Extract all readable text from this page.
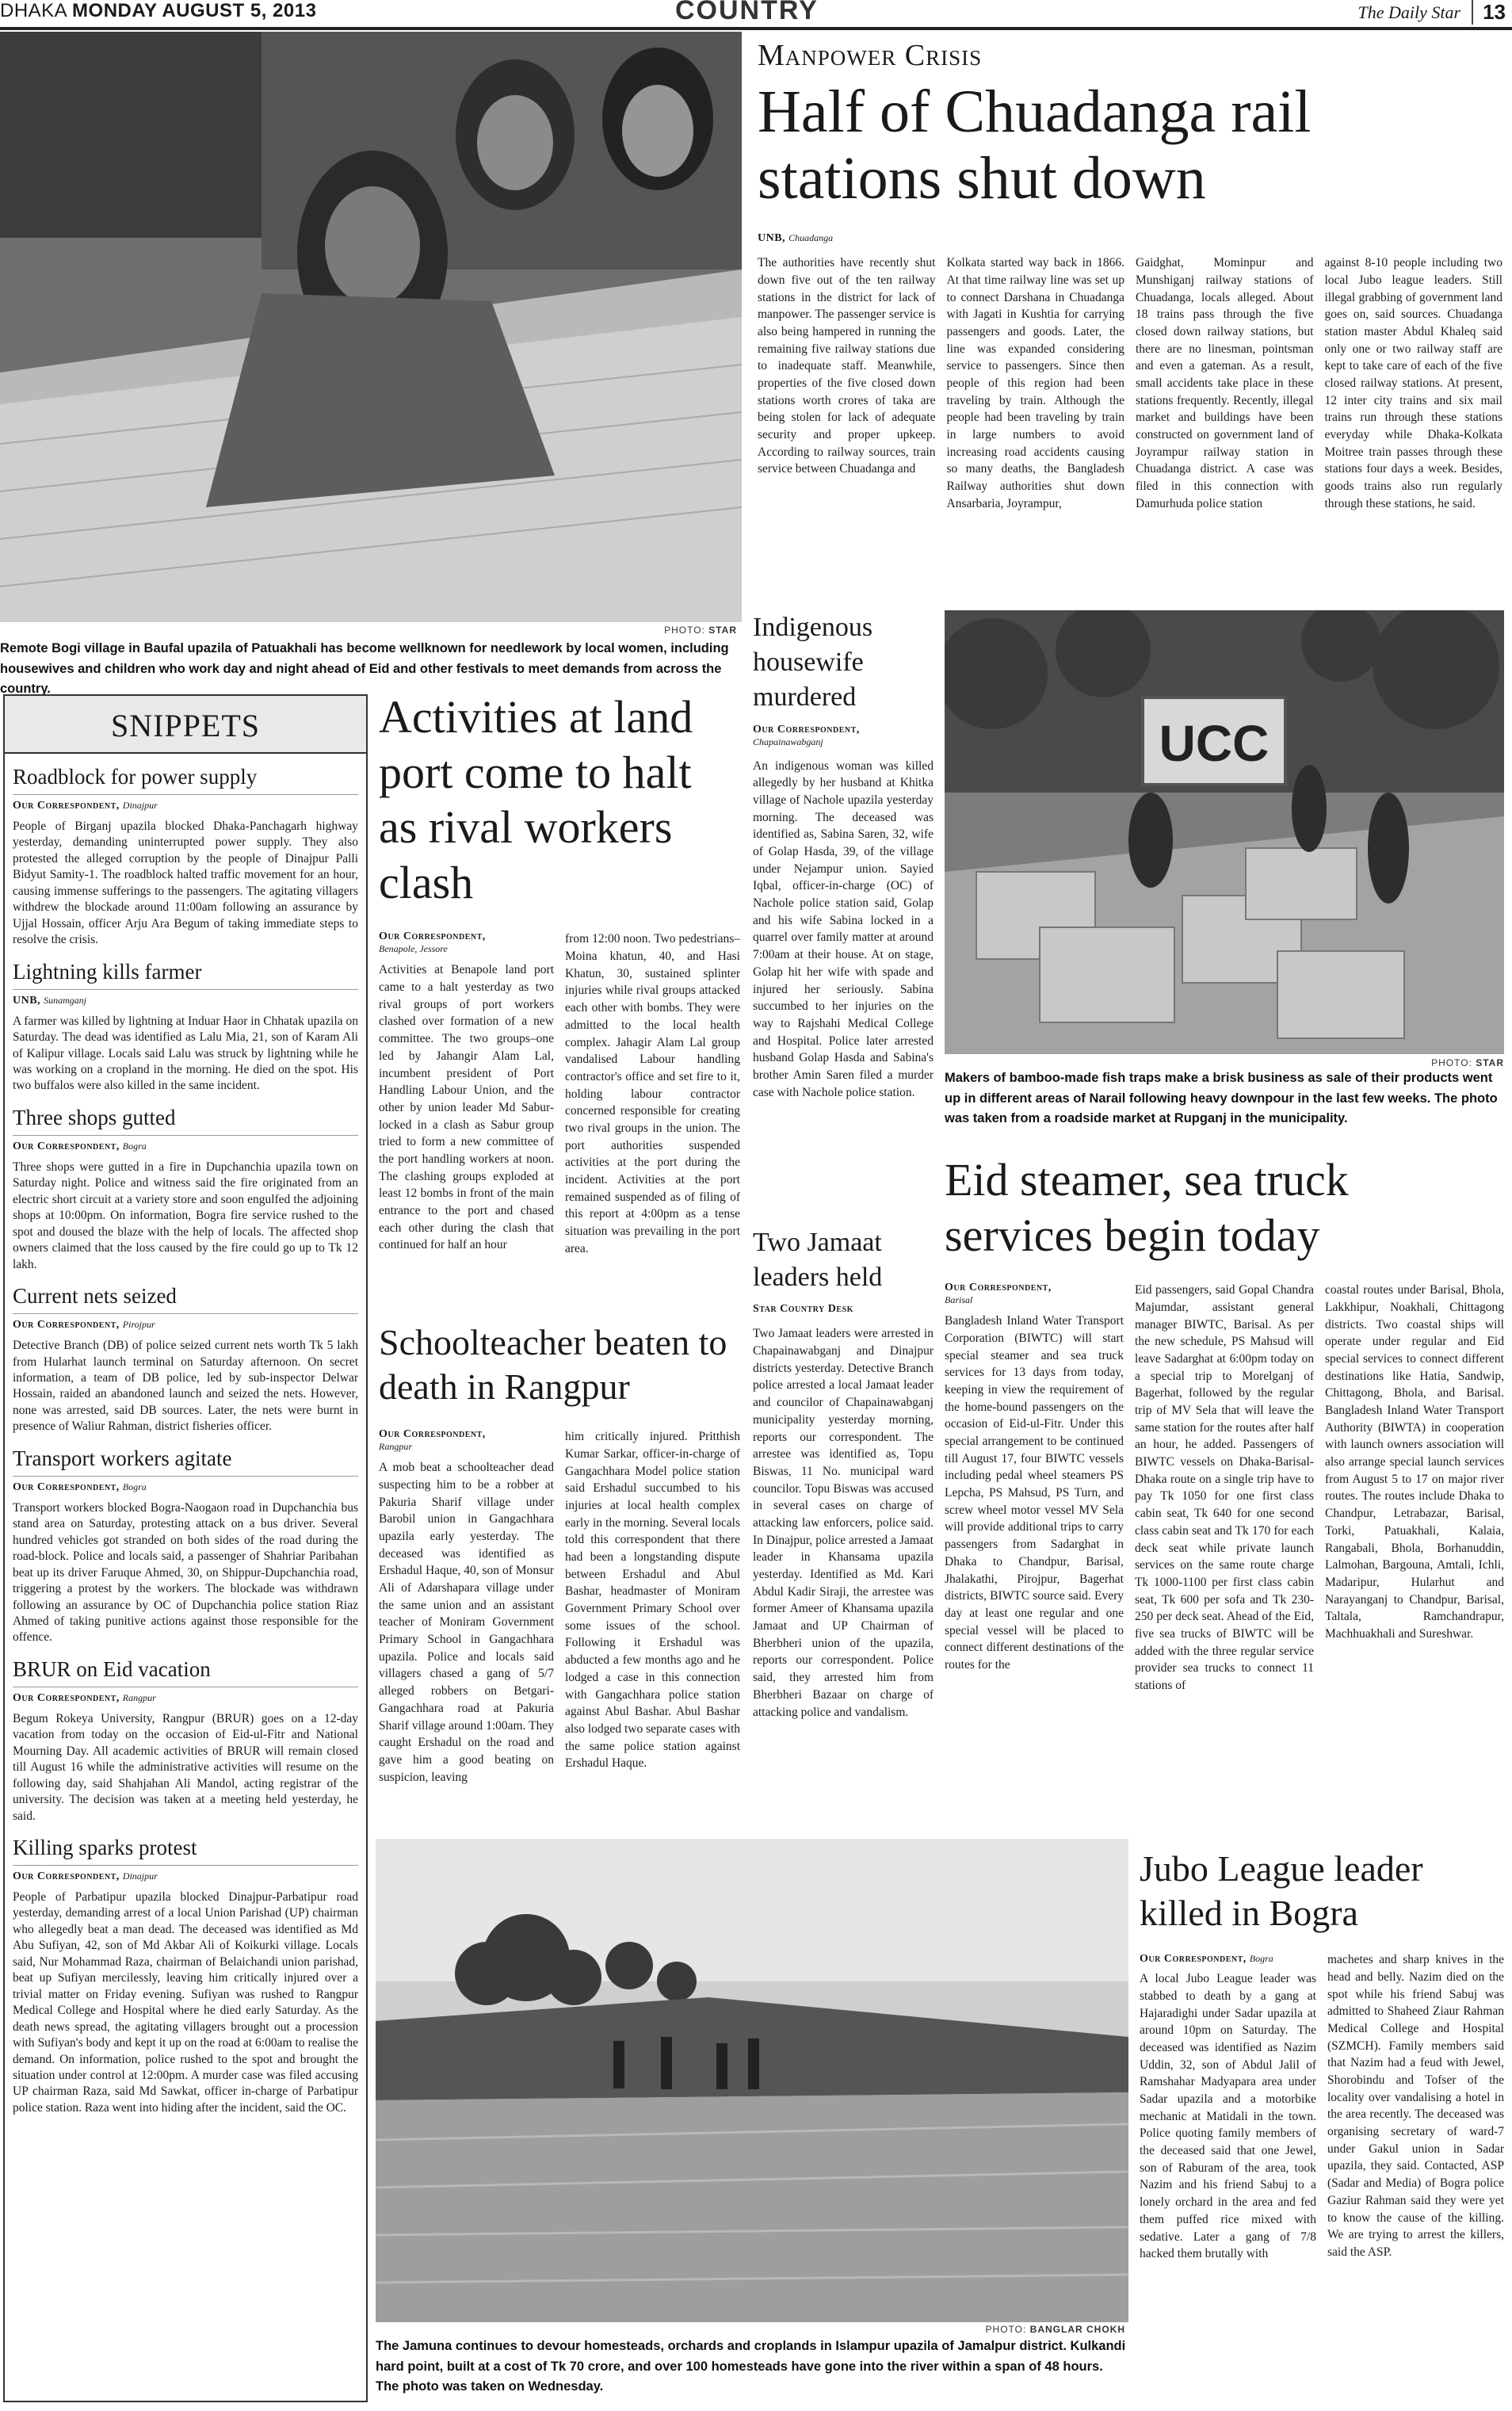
DHAKA MONDAY AUGUST 5, 2013	COUNTRY	The Daily Star	13
PHOTO: STAR
Remote Bogi village in Baufal upazila of Patuakhali has become wellknown for needlework by local women, including housewives and children who work day and night ahead of Eid and other festivals to meet demands from across the country.
Manpower Crisis
Half of Chuadanga rail stations shut down
UNB, Chuadanga
The authorities have recently shut down five out of the ten railway stations in the district for lack of manpower. The passenger service is also being hampered in running the remaining five railway stations due to inadequate staff. Meanwhile, properties of the five closed down stations worth crores of taka are being stolen for lack of adequate security and proper upkeep. According to railway sources, train service between Chuadanga and
Kolkata started way back in 1866. At that time railway line was set up to connect Darshana in Chuadanga with Jagati in Kushtia for carrying passengers and goods. Later, the line was expanded considering service to passengers. Since then people of this region had been traveling by train. Although the people had been traveling by train in large numbers to avoid increasing road accidents causing so many deaths, the Bangladesh Railway authorities shut down Ansarbaria, Joyrampur,
Gaidghat, Mominpur and Munshiganj railway stations of Chuadanga, locals alleged. About 18 trains pass through the five closed down railway stations, but there are no linesman, pointsman and even a gateman. As a result, small accidents take place in these stations frequently. Recently, illegal market and buildings have been constructed on government land of Joyrampur railway station in Chuadanga district. A case was filed in this connection with Damurhuda police station
against 8-10 people including two local Jubo league leaders. Still illegal grabbing of government land goes on, said sources. Chuadanga station master Abdul Khaleq said only one or two railway staff are kept to take care of each of the five closed railway stations. At present, 12 inter city trains and six mail trains run through these stations everyday while Dhaka-Kolkata Moitree train passes through these stations four days a week. Besides, goods trains also run regularly through these stations, he said.
SNIPPETS
Roadblock for power supply
Our Correspondent, Dinajpur
People of Birganj upazila blocked Dhaka-Panchagarh highway yesterday, demanding uninterrupted power supply. They also protested the alleged corruption by the people of Dinajpur Palli Bidyut Samity-1. The roadblock halted traffic movement for an hour, causing immense sufferings to the passengers. The agitating villagers withdrew the blockade around 11:00am following an assurance by Ujjal Hossain, officer Arju Ara Begum of taking immediate steps to resolve the crisis.
Lightning kills farmer
UNB, Sunamganj
A farmer was killed by lightning at Induar Haor in Chhatak upazila on Saturday. The dead was identified as Lalu Mia, 21, son of Karam Ali of Kalipur village. Locals said Lalu was struck by lightning while he was working on a cropland in the morning. He died on the spot. His two buffalos were also killed in the same incident.
Three shops gutted
Our Correspondent, Bogra
Three shops were gutted in a fire in Dupchanchia upazila town on Saturday night. Police and witness said the fire originated from an electric short circuit at a variety store and soon engulfed the adjoining shops at 10:00pm. On information, Bogra fire service rushed to the spot and doused the blaze with the help of locals. The affected shop owners claimed that the loss caused by the fire could go up to Tk 12 lakh.
Current nets seized
Our Correspondent, Pirojpur
Detective Branch (DB) of police seized current nets worth Tk 5 lakh from Hularhat launch terminal on Saturday afternoon. On secret information, a team of DB police, led by sub-inspector Delwar Hossain, raided an abandoned launch and seized the nets. However, none was arrested, said DB sources. Later, the nets were burnt in presence of Waliur Rahman, district fisheries officer.
Transport workers agitate
Our Correspondent, Bogra
Transport workers blocked Bogra-Naogaon road in Dupchanchia bus stand area on Saturday, protesting attack on a bus driver. Several hundred vehicles got stranded on both sides of the road during the road-block. Police and locals said, a passenger of Shahriar Paribahan beat up its driver Faruque Ahmed, 30, on Shippur-Dupchanchia road, triggering a protest by the workers. The blockade was withdrawn following an assurance by OC of Dupchanchia police station Riaz Ahmed of taking punitive actions against those responsible for the offence.
BRUR on Eid vacation
Our Correspondent, Rangpur
Begum Rokeya University, Rangpur (BRUR) goes on a 12-day vacation from today on the occasion of Eid-ul-Fitr and National Mourning Day. All academic activities of BRUR will remain closed till August 16 while the administrative activities will resume on the following day, said Shahjahan Ali Mandol, acting registrar of the university. The decision was taken at a meeting held yesterday, he said.
Killing sparks protest
Our Correspondent, Dinajpur
People of Parbatipur upazila blocked Dinajpur-Parbatipur road yesterday, demanding arrest of a local Union Parishad (UP) chairman who allegedly beat a man dead. The deceased was identified as Md Abu Sufiyan, 42, son of Md Akbar Ali of Koikurki village. Locals said, Nur Mohammad Raza, chairman of Belaichandi union parishad, beat up Sufiyan mercilessly, leaving him critically injured over a trivial matter on Friday evening. Sufiyan was rushed to Rangpur Medical College and Hospital where he died early Saturday. As the death news spread, the agitating villagers brought out a procession with Sufiyan's body and kept it up on the road at 6:00am to realise the demand. On information, police rushed to the spot and brought the situation under control at 12:00pm. A murder case was filed accusing UP chairman Raza, said Md Sawkat, officer in-charge of Parbatipur police station. Raza went into hiding after the incident, said the OC.
Activities at land port come to halt as rival workers clash
Our Correspondent,
Benapole, Jessore
Activities at Benapole land port came to a halt yesterday as two rival groups of port workers clashed over formation of a new committee. The two groups–one led by Jahangir Alam Lal, incumbent president of Port Handling Labour Union, and the other by union leader Md Sabur-locked in a clash as Sabur group tried to form a new committee of the port handling workers at noon. The clashing groups exploded at least 12 bombs in front of the main entrance to the port and chased each other during the clash that continued for half an hour
from 12:00 noon. Two pedestrians–Moina khatun, 40, and Hasi Khatun, 30, sustained splinter injuries while rival groups attacked each other with bombs. They were admitted to the local health complex. Jahagir Alam Lal group vandalised Labour handling contractor's office and set fire to it, holding labour contractor concerned responsible for creating two rival groups in the union. The port authorities suspended activities at the port during the incident. Activities at the port remained suspended as of filing of this report at 4:00pm as a tense situation was prevailing in the port area.
Schoolteacher beaten to death in Rangpur
Our Correspondent,
Rangpur
A mob beat a schoolteacher dead suspecting him to be a robber at Pakuria Sharif village under Barobil union in Gangachhara upazila early yesterday. The deceased was identified as Ershadul Haque, 40, son of Monsur Ali of Adarshapara village under the same union and an assistant teacher of Moniram Government Primary School in Gangachhara upazila. Police and locals said villagers chased a gang of 5/7 alleged robbers on Betgari-Gangachhara road at Pakuria Sharif village around 1:00am. They caught Ershadul on the road and gave him a good beating on suspicion, leaving
him critically injured. Pritthish Kumar Sarkar, officer-in-charge of Gangachhara Model police station said Ershadul succumbed to his injuries at local health complex early in the morning. Several locals told this correspondent that there had been a longstanding dispute between Ershadul and Abul Bashar, headmaster of Moniram Government Primary School over some issues of the school. Following it Ershadul was abducted a few months ago and he lodged a case in this connection with Gangachhara police station against Abul Bashar. Abul Bashar also lodged two separate cases with the same police station against Ershadul Haque.
Indigenous housewife murdered
Our Correspondent,
Chapainawabganj
An indigenous woman was killed allegedly by her husband at Khitka village of Nachole upazila yesterday morning. The deceased was identified as, Sabina Saren, 32, wife of Golap Hasda, 39, of the village under Nejampur union. Sayied Iqbal, officer-in-charge (OC) of Nachole police station said, Golap and his wife Sabina locked in a quarrel over family matter at around 7:00am at their house. At on stage, Golap hit her wife with spade and injured her seriously. Sabina succumbed to her injuries on the way to Rajshahi Medical College and Hospital. Police later arrested husband Golap Hasda and Sabina's brother Amin Saren filed a murder case with Nachole police station.
Two Jamaat leaders held
Star Country Desk
Two Jamaat leaders were arrested in Chapainawabganj and Dinajpur districts yesterday. Detective Branch police arrested a local Jamaat leader and councilor of Chapainawabganj municipality yesterday morning, reports our correspondent. The arrestee was identified as, Topu Biswas, 11 No. municipal ward councilor. Topu Biswas was accused in several cases on charge of attacking law enforcers, police said. In Dinajpur, police arrested a Jamaat leader in Khansama upazila yesterday. Identified as Md. Kari Abdul Kadir Siraji, the arrestee was former Ameer of Khansama upazila Jamaat and UP Chairman of Bherbheri union of the upazila, reports our correspondent. Police said, they arrested him from Bherbheri Bazaar on charge of attacking police and vandalism.
UCC
PHOTO: STAR
Makers of bamboo-made fish traps make a brisk business as sale of their products went up in different areas of Narail following heavy downpour in the last few weeks. The photo was taken from a roadside market at Rupganj in the municipality.
Eid steamer, sea truck services begin today
Our Correspondent,
Barisal
Bangladesh Inland Water Transport Corporation (BIWTC) will start special steamer and sea truck services for 13 days from today, keeping in view the requirement of the home-bound passengers on the occasion of Eid-ul-Fitr. Under this special arrangement to be continued till August 17, four BIWTC vessels including pedal wheel steamers PS Lepcha, PS Mahsud, PS Turn, and screw wheel motor vessel MV Sela will provide additional trips to carry passengers from Sadarghat in Dhaka to Chandpur, Barisal, Jhalakathi, Pirojpur, Bagerhat districts, BIWTC source said. Every day at least one regular and one special vessel will be placed to connect different destinations of the routes for the
Eid passengers, said Gopal Chandra Majumdar, assistant general manager BIWTC, Barisal. As per the new schedule, PS Mahsud will leave Sadarghat at 6:00pm today on a special trip to Morelganj of Bagerhat, followed by the regular trip of MV Sela that will leave the same station for the routes after half an hour, he added. Passengers of BIWTC vessels on Dhaka-Barisal-Dhaka route on a single trip have to pay Tk 1050 for one first class cabin seat, Tk 640 for one second class cabin seat and Tk 170 for each deck seat while private launch services on the same route charge Tk 1000-1100 per first class cabin seat, Tk 600 per sofa and Tk 230-250 per deck seat. Ahead of the Eid, five sea trucks of BIWTC will be added with the three regular service provider sea trucks to connect 11 stations of
coastal routes under Barisal, Bhola, Lakkhipur, Noakhali, Chittagong districts. Two coastal ships will operate under regular and Eid special services to connect different destinations like Hatia, Sandwip, Chittagong, Bhola, and Barisal. Bangladesh Inland Water Transport Authority (BIWTA) in cooperation with launch owners association will also arrange special launch services from August 5 to 17 on major river routes. The routes include Dhaka to Chandpur, Letrabazar, Barisal, Torki, Patuakhali, Kalaia, Rangabali, Bhola, Borhanuddin, Lalmohan, Bargouna, Amtali, Ichli, Madaripur, Hularhut and Narayanganj to Chandpur, Barisal, Taltala, Ramchandrapur, Machhuakhali and Sureshwar.
PHOTO: BANGLAR CHOKH
The Jamuna continues to devour homesteads, orchards and croplands in Islampur upazila of Jamalpur district. Kulkandi hard point, built at a cost of Tk 70 crore, and over 100 homesteads have gone into the river within a span of 48 hours. The photo was taken on Wednesday.
Jubo League leader killed in Bogra
Our Correspondent, Bogra
A local Jubo League leader was stabbed to death by a gang at Hajaradighi under Sadar upazila at around 10pm on Saturday. The deceased was identified as Nazim Uddin, 32, son of Abdul Jalil of Ramshahar Madyapara area under Sadar upazila and a motorbike mechanic at Matidali in the town. Police quoting family members of the deceased said that one Jewel, son of Raburam of the area, took Nazim and his friend Sabuj to a lonely orchard in the area and fed them puffed rice mixed with sedative. Later a gang of 7/8 hacked them brutally with
machetes and sharp knives in the head and belly. Nazim died on the spot while his friend Sabuj was admitted to Shaheed Ziaur Rahman Medical College and Hospital (SZMCH). Family members said that Nazim had a feud with Jewel, Shorobindu and Tofser of the locality over vandalising a hotel in the area recently. The deceased was organising secretary of ward-7 under Gakul union in Sadar upazila, they said. Contacted, ASP (Sadar and Media) of Bogra police Gaziur Rahman said they were yet to know the cause of the killing. We are trying to arrest the killers, said the ASP.
